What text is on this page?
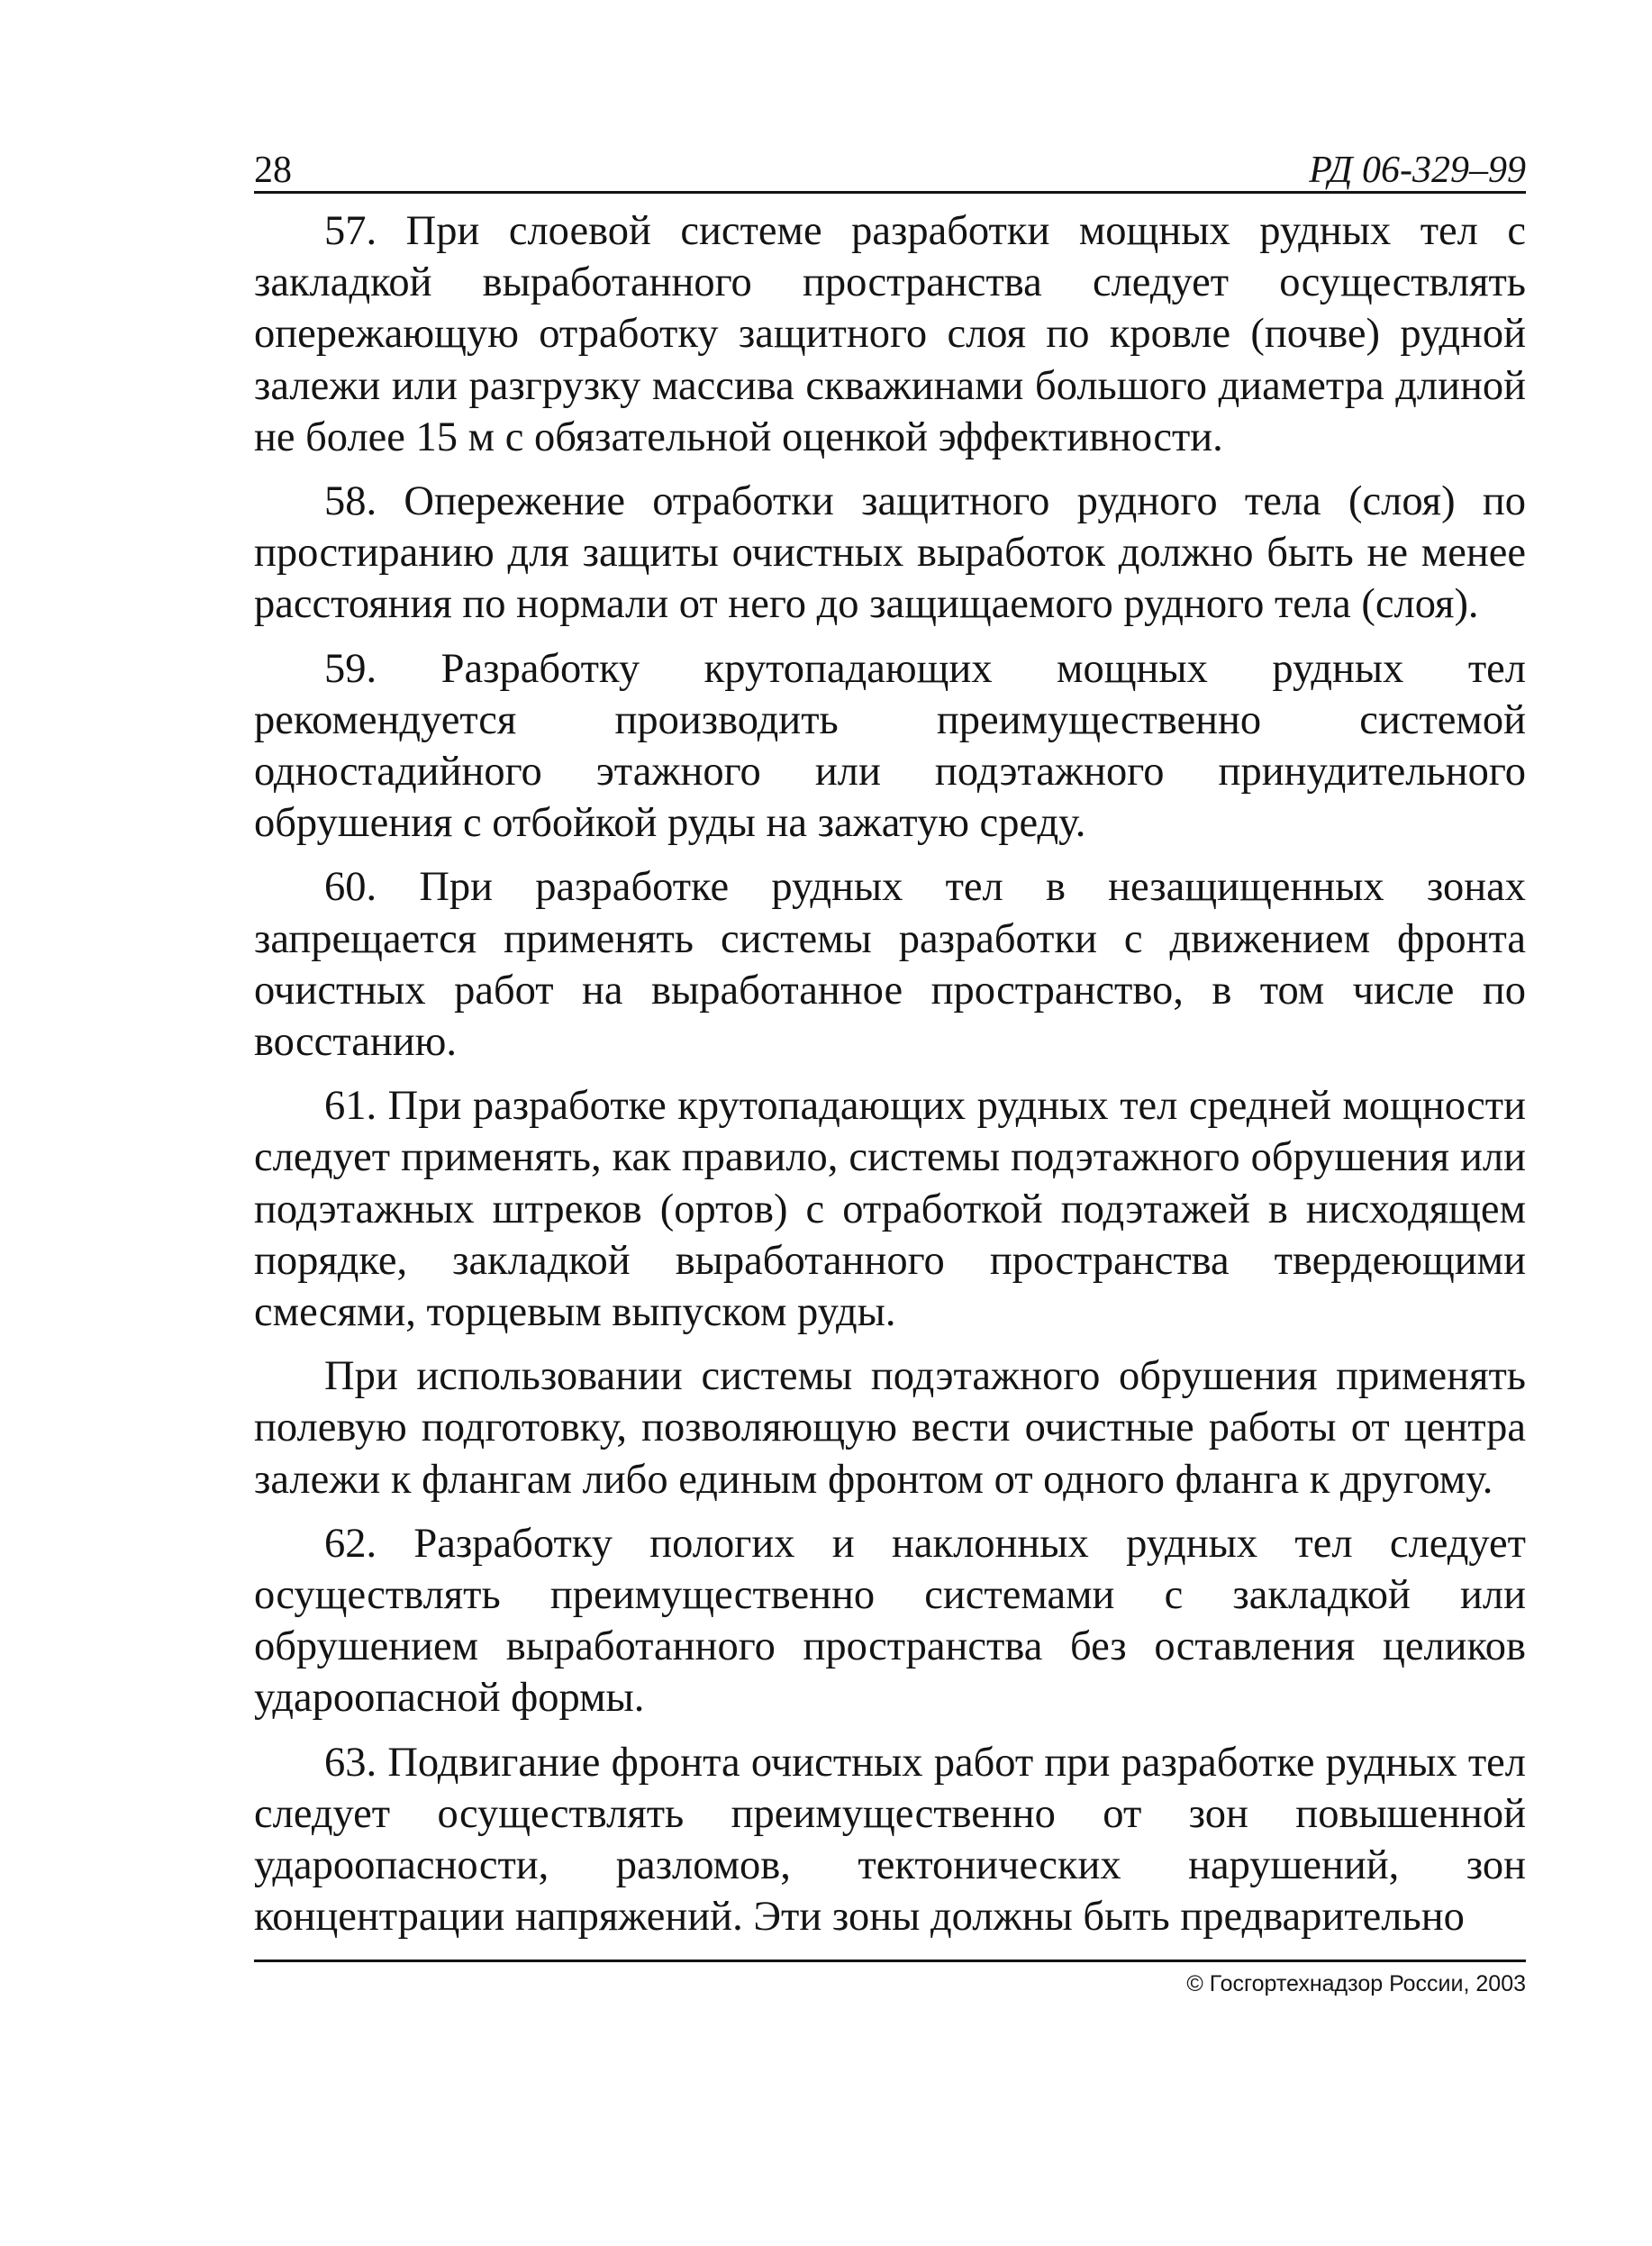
28	РД 06-329–99

57. При слоевой системе разработки мощных рудных тел с закладкой выработанного пространства следует осуществлять опережающую отработку защитного слоя по кровле (почве) рудной залежи или разгрузку массива скважинами большого диаметра длиной не более 15 м с обязательной оценкой эффективности.

58. Опережение отработки защитного рудного тела (слоя) по простиранию для защиты очистных выработок должно быть не менее расстояния по нормали от него до защищаемого рудного тела (слоя).

59. Разработку крутопадающих мощных рудных тел рекомендуется производить преимущественно системой одностадийного этажного или подэтажного принудительного обрушения с отбойкой руды на зажатую среду.

60. При разработке рудных тел в незащищенных зонах запрещается применять системы разработки с движением фронта очистных работ на выработанное пространство, в том числе по восстанию.

61. При разработке крутопадающих рудных тел средней мощности следует применять, как правило, системы подэтажного обрушения или подэтажных штреков (ортов) с отработкой подэтажей в нисходящем порядке, закладкой выработанного пространства твердеющими смесями, торцевым выпуском руды.

При использовании системы подэтажного обрушения применять полевую подготовку, позволяющую вести очистные работы от центра залежи к флангам либо единым фронтом от одного фланга к другому.

62. Разработку пологих и наклонных рудных тел следует осуществлять преимущественно системами с закладкой или обрушением выработанного пространства без оставления целиков удароопасной формы.

63. Подвигание фронта очистных работ при разработке рудных тел следует осуществлять преимущественно от зон повышенной удароопасности, разломов, тектонических нарушений, зон концентрации напряжений. Эти зоны должны быть предварительно

© Госгортехнадзор России, 2003
